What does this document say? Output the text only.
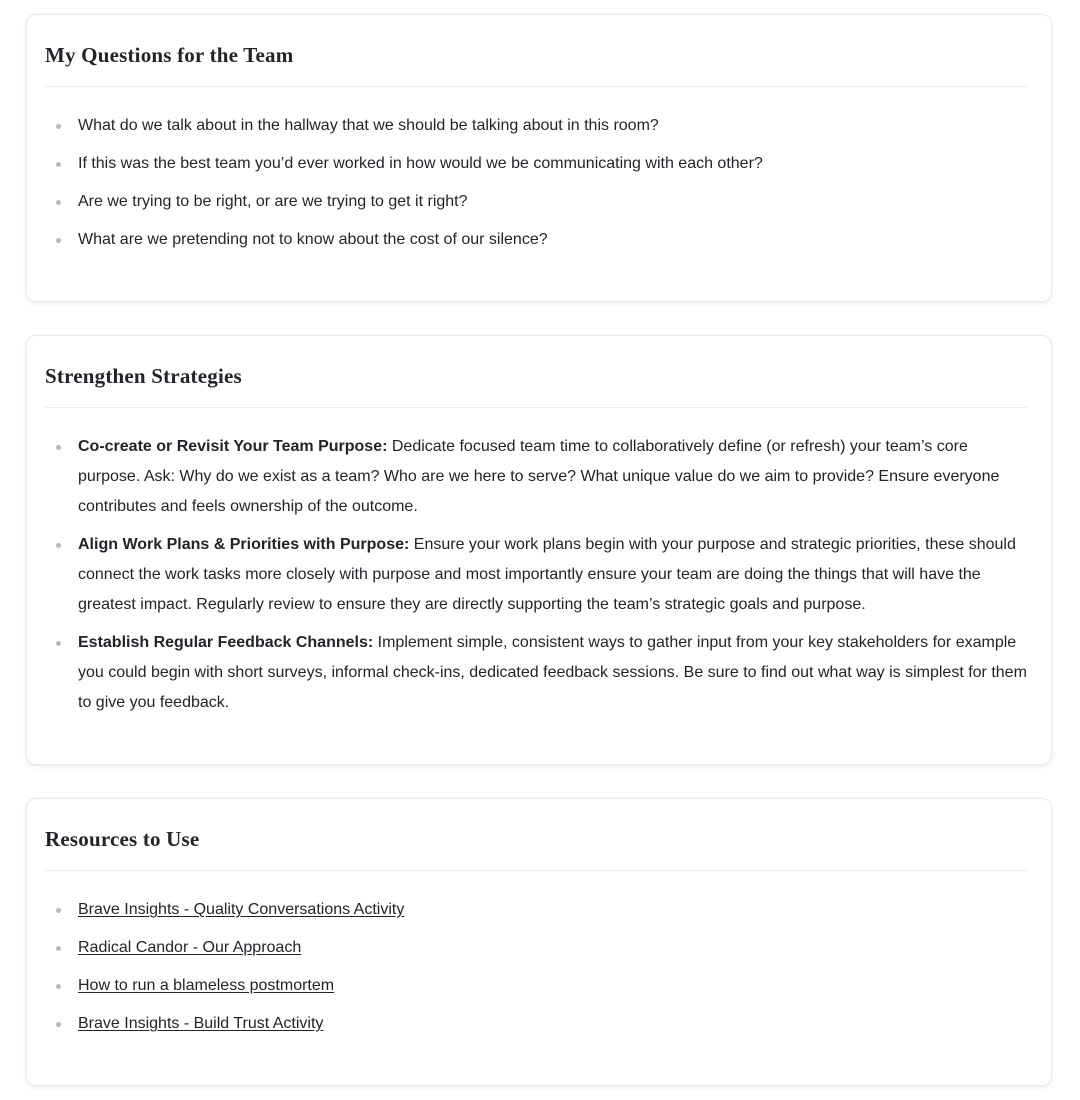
My Questions for the Team
What do we talk about in the hallway that we should be talking about in this room?
If this was the best team you’d ever worked in how would we be communicating with each other?
Are we trying to be right, or are we trying to get it right?
What are we pretending not to know about the cost of our silence?
Strengthen Strategies
Co-create or Revisit Your Team Purpose: Dedicate focused team time to collaboratively define (or refresh) your team’s core purpose. Ask: Why do we exist as a team? Who are we here to serve? What unique value do we aim to provide? Ensure everyone contributes and feels ownership of the outcome.
Align Work Plans & Priorities with Purpose: Ensure your work plans begin with your purpose and strategic priorities, these should connect the work tasks more closely with purpose and most importantly ensure your team are doing the things that will have the greatest impact. Regularly review to ensure they are directly supporting the team’s strategic goals and purpose.
Establish Regular Feedback Channels: Implement simple, consistent ways to gather input from your key stakeholders for example you could begin with short surveys, informal check-ins, dedicated feedback sessions. Be sure to find out what way is simplest for them to give you feedback.
Resources to Use
Brave Insights - Quality Conversations Activity
Radical Candor - Our Approach
How to run a blameless postmortem
Brave Insights - Build Trust Activity
